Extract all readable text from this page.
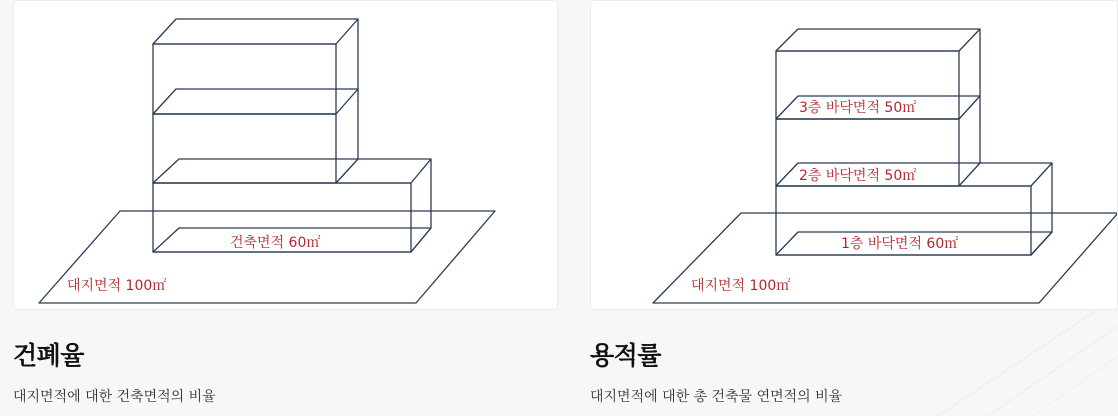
건축면적 60㎡
대지면적 100㎡
건폐율
대지면적에 대한 건축면적의 비율
3층 바닥면적 50㎡
2층 바닥면적 50㎡
1층 바닥면적 60㎡
대지면적 100㎡
용적률
대지면적에 대한 총 건축물 연면적의 비율
